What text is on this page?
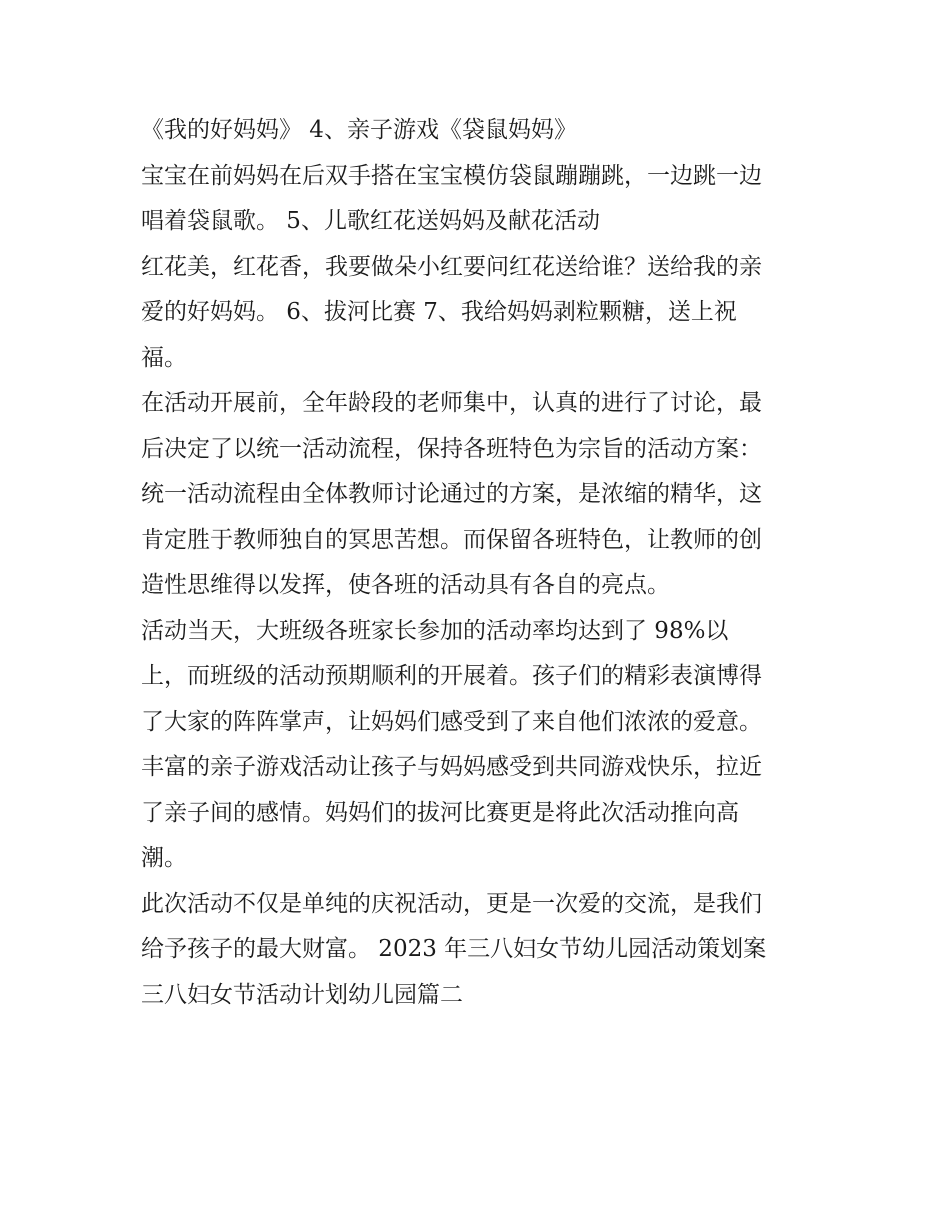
《我的好妈妈》 4、亲子游戏《袋鼠妈妈》
宝宝在前妈妈在后双手搭在宝宝模仿袋鼠蹦蹦跳，一边跳一边
唱着袋鼠歌。 5、儿歌红花送妈妈及献花活动
红花美，红花香，我要做朵小红要问红花送给谁？送给我的亲
爱的好妈妈。 6、拔河比赛 7、我给妈妈剥粒颗糖，送上祝
福。
在活动开展前，全年龄段的老师集中，认真的进行了讨论，最
后决定了以统一活动流程，保持各班特色为宗旨的活动方案：
统一活动流程由全体教师讨论通过的方案，是浓缩的精华，这
肯定胜于教师独自的冥思苦想。而保留各班特色，让教师的创
造性思维得以发挥，使各班的活动具有各自的亮点。
活动当天，大班级各班家长参加的活动率均达到了 98%以
上，而班级的活动预期顺利的开展着。孩子们的精彩表演博得
了大家的阵阵掌声，让妈妈们感受到了来自他们浓浓的爱意。
丰富的亲子游戏活动让孩子与妈妈感受到共同游戏快乐，拉近
了亲子间的感情。妈妈们的拔河比赛更是将此次活动推向高
潮。
此次活动不仅是单纯的庆祝活动，更是一次爱的交流，是我们
给予孩子的最大财富。 2023 年三八妇女节幼儿园活动策划案
三八妇女节活动计划幼儿园篇二
